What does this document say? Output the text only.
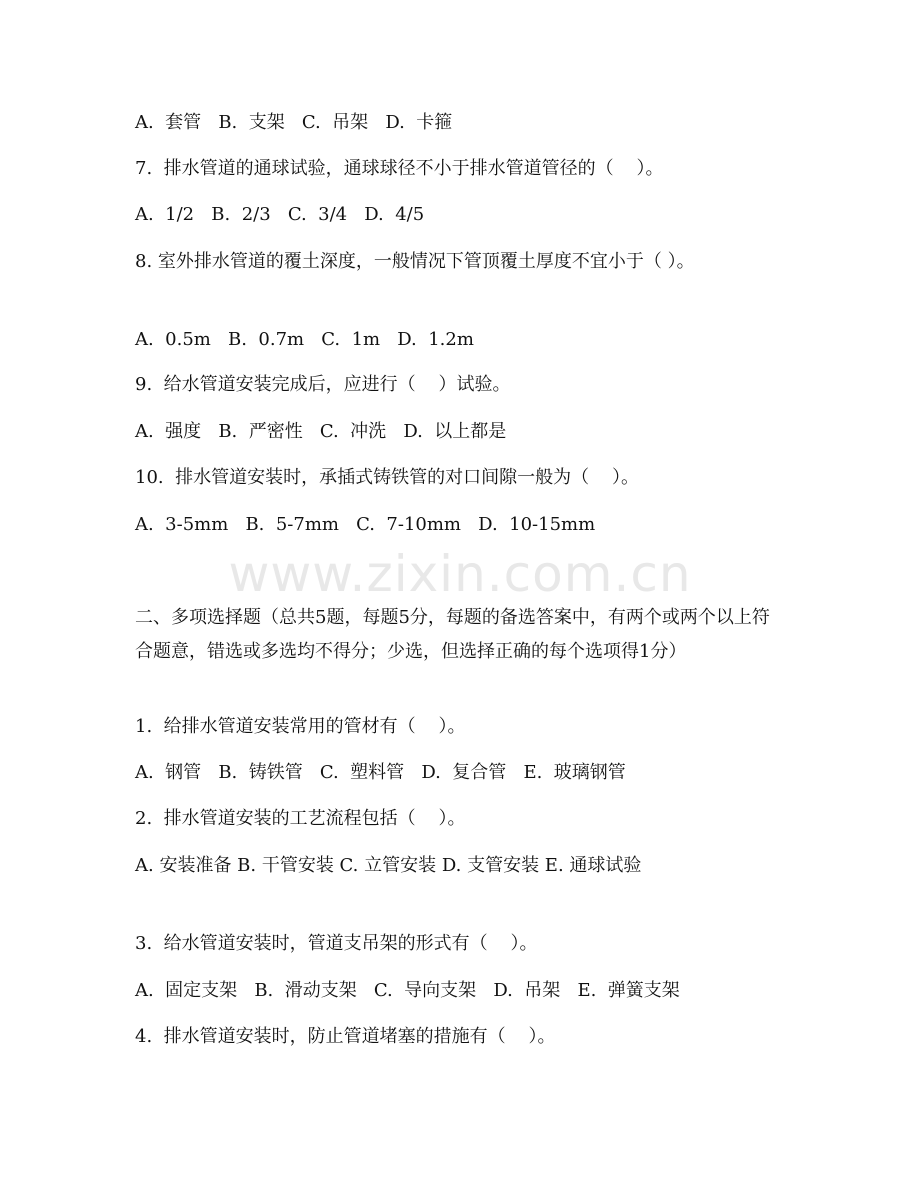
www.zixin.com.cn

A.  套管   B.  支架   C.  吊架   D.  卡箍

7.  排水管道的通球试验，通球球径不小于排水管道管径的（    ）。

A.  1/2   B.  2/3   C.  3/4   D.  4/5

8. 室外排水管道的覆土深度，一般情况下管顶覆土厚度不宜小于（ ）。

A.  0.5m   B.  0.7m   C.  1m   D.  1.2m

9.  给水管道安装完成后，应进行（    ）试验。

A.  强度   B.  严密性   C.  冲洗   D.  以上都是

10.  排水管道安装时，承插式铸铁管的对口间隙一般为（    ）。

A.  3-5mm   B.  5-7mm   C.  7-10mm   D.  10-15mm

二、多项选择题（总共5题，每题5分，每题的备选答案中，有两个或两个以上符合题意，错选或多选均不得分；少选，但选择正确的每个选项得1分）

1.  给排水管道安装常用的管材有（    ）。

A.  钢管   B.  铸铁管   C.  塑料管   D.  复合管   E.  玻璃钢管

2.  排水管道安装的工艺流程包括（    ）。

A. 安装准备 B. 干管安装 C. 立管安装 D. 支管安装 E. 通球试验

3.  给水管道安装时，管道支吊架的形式有（    ）。

A.  固定支架   B.  滑动支架   C.  导向支架   D.  吊架   E.  弹簧支架

4.  排水管道安装时，防止管道堵塞的措施有（    ）。
